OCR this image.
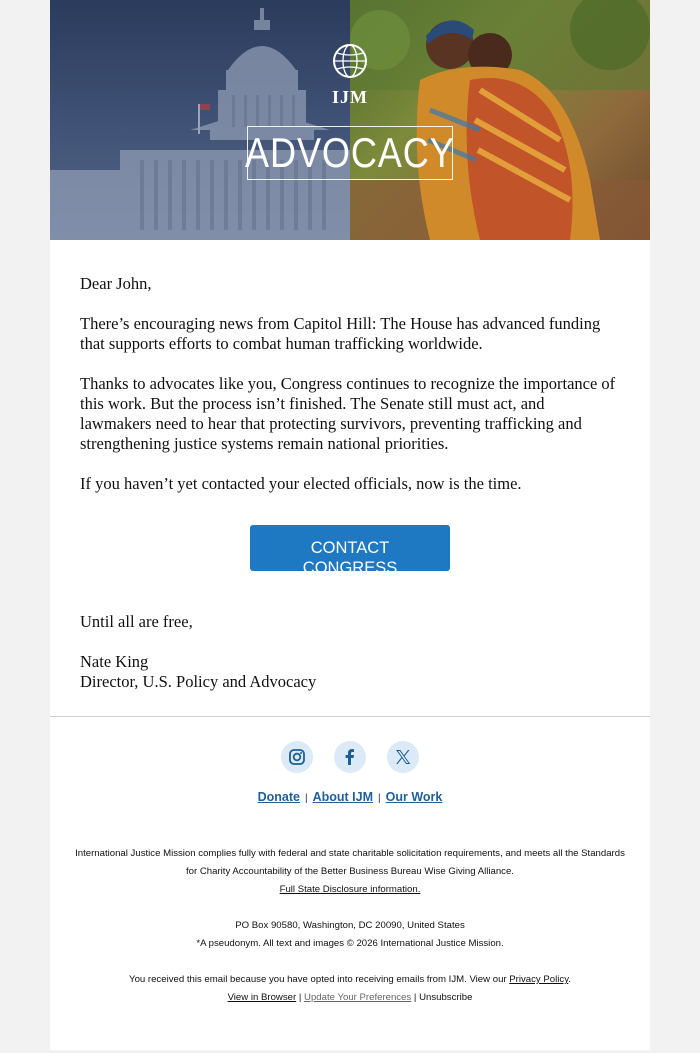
IJM
ADVOCACY

Dear John,

There’s encouraging news from Capitol Hill: The House has advanced funding that supports efforts to combat human trafficking worldwide.

Thanks to advocates like you, Congress continues to recognize the importance of this work. But the process isn’t finished. The Senate still must act, and lawmakers need to hear that protecting survivors, preventing trafficking and strengthening justice systems remain national priorities.

If you haven’t yet contacted your elected officials, now is the time.

CONTACT CONGRESS

Until all are free,

Nate King
Director, U.S. Policy and Advocacy
Donate | About IJM | Our Work
International Justice Mission complies fully with federal and state charitable solicitation requirements, and meets all the Standards
for Charity Accountability of the Better Business Bureau Wise Giving Alliance.
Full State Disclosure information.
PO Box 90580, Washington, DC 20090, United States
*A pseudonym. All text and images © 2026 International Justice Mission.
You received this email because you have opted into receiving emails from IJM. View our Privacy Policy.
View in Browser | Update Your Preferences | Unsubscribe
